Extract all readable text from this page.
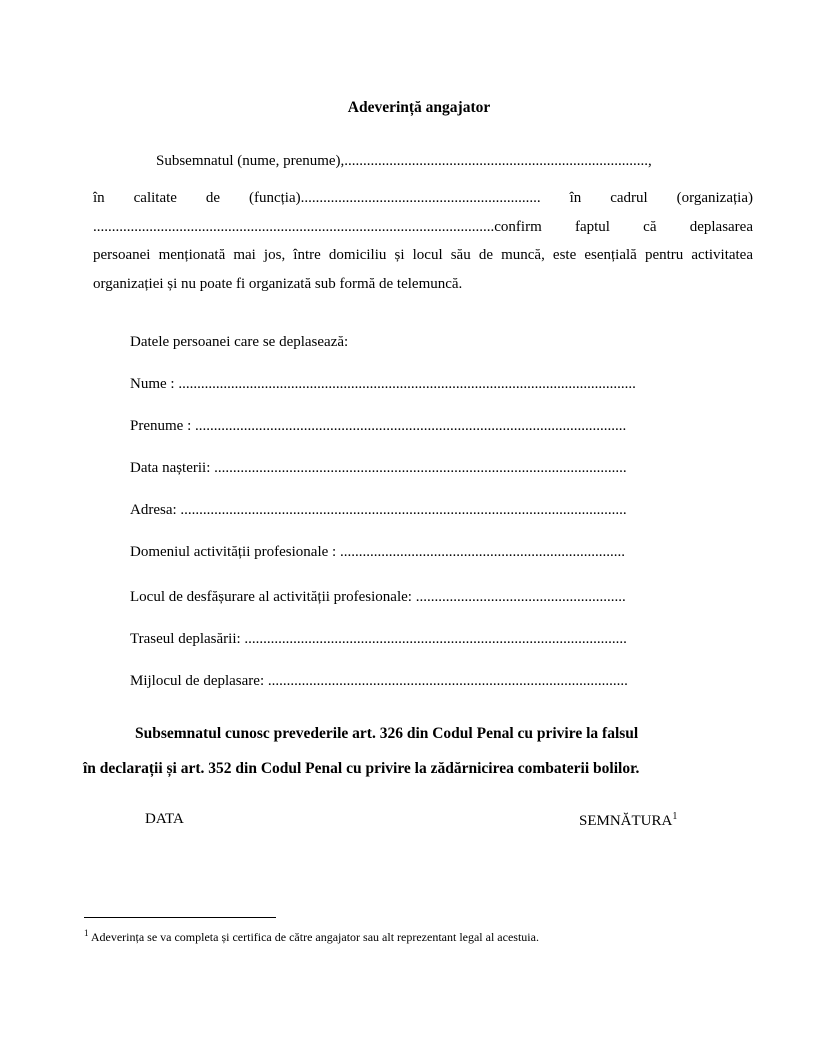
Adeverință angajator
Subsemnatul (nume, prenume),.................................................................................,
în calitate de (funcția)................................................................ în cadrul (organizația)
...........................................................................................................confirm faptul că deplasarea
persoanei menționată mai jos, între domiciliu și locul său de muncă, este esențială pentru activitatea
organizației și nu poate fi organizată sub formă de telemuncă.
Datele persoanei care se deplasează:
Nume : ..........................................................................................................................
Prenume : ...................................................................................................................
Data nașterii: ..............................................................................................................
Adresa: .......................................................................................................................
Domeniul activității profesionale : ............................................................................
Locul de desfășurare al activității profesionale: ........................................................
Traseul deplasării: ......................................................................................................
Mijlocul de deplasare: ................................................................................................
Subsemnatul cunosc prevederile art. 326 din Codul Penal cu privire la falsul
în declarații și art. 352 din Codul Penal cu privire la zădărnicirea combaterii bolilor.
DATA	SEMNĂTURA$^1$
$^1$ Adeverința se va completa și certifica de către angajator sau alt reprezentant legal al acestuia.
